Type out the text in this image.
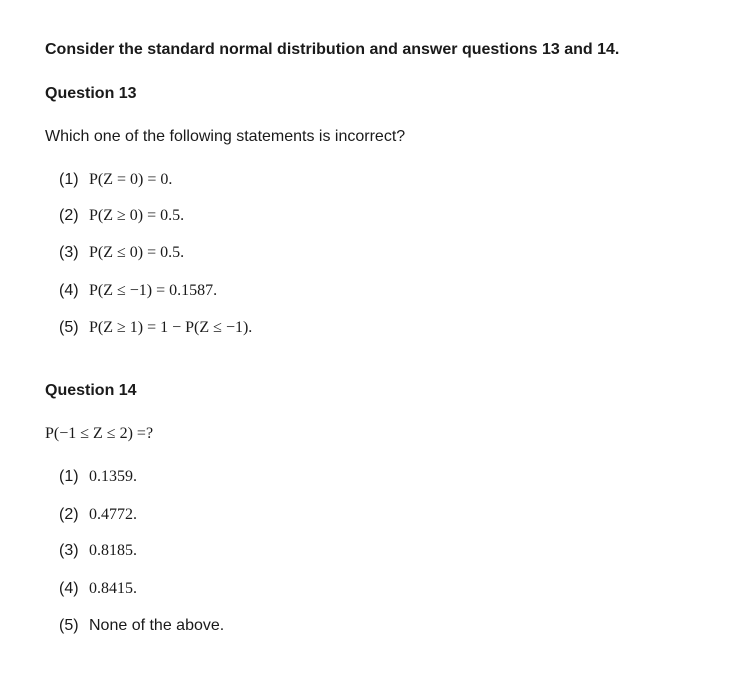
Consider the standard normal distribution and answer questions 13 and 14.
Question 13
Which one of the following statements is incorrect?
(1) P(Z = 0) = 0.
(2) P(Z ≥ 0) = 0.5.
(3) P(Z ≤ 0) = 0.5.
(4) P(Z ≤ −1) = 0.1587.
(5) P(Z ≥ 1) = 1 − P(Z ≤ −1).
Question 14
P(−1 ≤ Z ≤ 2) =?
(1) 0.1359.
(2) 0.4772.
(3) 0.8185.
(4) 0.8415.
(5) None of the above.
